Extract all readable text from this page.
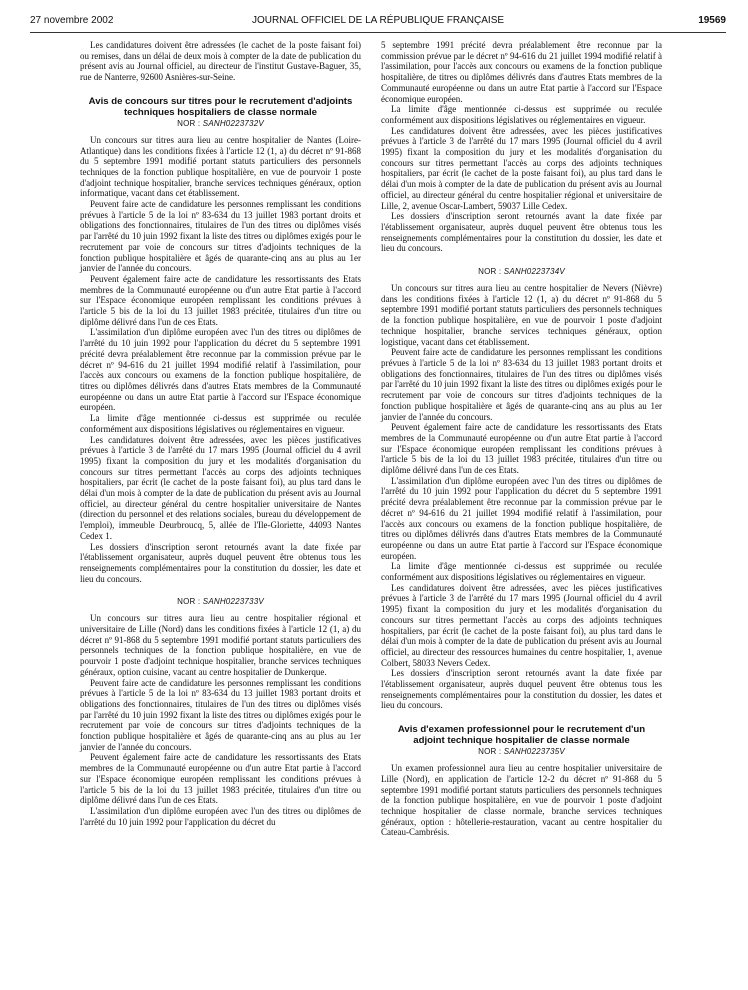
27 novembre 2002	JOURNAL OFFICIEL DE LA RÉPUBLIQUE FRANÇAISE	19569

Les candidatures doivent être adressées (le cachet de la poste faisant foi) ou remises, dans un délai de deux mois à compter de la date de publication du présent avis au Journal officiel, au directeur de l'institut Gustave-Baguer, 35, rue de Nanterre, 92600 Asnières-sur-Seine.

Avis de concours sur titres pour le recrutement d'adjoints techniques hospitaliers de classe normale
NOR : SANH0223732V

Un concours sur titres aura lieu au centre hospitalier de Nantes (Loire-Atlantique) dans les conditions fixées à l'article 12 (1, a) du décret nº 91-868 du 5 septembre 1991 modifié portant statuts particuliers des personnels techniques de la fonction publique hospitalière, en vue de pourvoir 1 poste d'adjoint technique hospitalier, branche services techniques généraux, option informatique, vacant dans cet établissement.

Peuvent faire acte de candidature les personnes remplissant les conditions prévues à l'article 5 de la loi nº 83-634 du 13 juillet 1983 portant droits et obligations des fonctionnaires, titulaires de l'un des titres ou diplômes visés par l'arrêté du 10 juin 1992 fixant la liste des titres ou diplômes exigés pour le recrutement par voie de concours sur titres d'adjoints techniques de la fonction publique hospitalière et âgés de quarante-cinq ans au plus au 1er janvier de l'année du concours.

Peuvent également faire acte de candidature les ressortissants des Etats membres de la Communauté européenne ou d'un autre Etat partie à l'accord sur l'Espace économique européen remplissant les conditions prévues à l'article 5 bis de la loi du 13 juillet 1983 précitée, titulaires d'un titre ou diplôme délivré dans l'un de ces Etats.

L'assimilation d'un diplôme européen avec l'un des titres ou diplômes de l'arrêté du 10 juin 1992 pour l'application du décret du 5 septembre 1991 précité devra préalablement être reconnue par la commission prévue par le décret nº 94-616 du 21 juillet 1994 modifié relatif à l'assimilation, pour l'accès aux concours ou examens de la fonction publique hospitalière, de titres ou diplômes délivrés dans d'autres Etats membres de la Communauté européenne ou dans un autre Etat partie à l'accord sur l'Espace économique européen.

La limite d'âge mentionnée ci-dessus est supprimée ou reculée conformément aux dispositions législatives ou réglementaires en vigueur.

Les candidatures doivent être adressées, avec les pièces justificatives prévues à l'article 3 de l'arrêté du 17 mars 1995 (Journal officiel du 4 avril 1995) fixant la composition du jury et les modalités d'organisation du concours sur titres permettant l'accès au corps des adjoints techniques hospitaliers, par écrit (le cachet de la poste faisant foi), au plus tard dans le délai d'un mois à compter de la date de publication du présent avis au Journal officiel, au directeur général du centre hospitalier universitaire de Nantes (direction du personnel et des relations sociales, bureau du développement de l'emploi), immeuble Deurbroucq, 5, allée de l'Ile-Gloriette, 44093 Nantes Cedex 1.

Les dossiers d'inscription seront retournés avant la date fixée par l'établissement organisateur, auprès duquel peuvent être obtenus tous les renseignements complémentaires pour la constitution du dossier, les date et lieu du concours.

NOR : SANH0223733V

Un concours sur titres aura lieu au centre hospitalier régional et universitaire de Lille (Nord) dans les conditions fixées à l'article 12 (1, a) du décret nº 91-868 du 5 septembre 1991 modifié portant statuts particuliers des personnels techniques de la fonction publique hospitalière, en vue de pourvoir 1 poste d'adjoint technique hospitalier, branche services techniques généraux, option cuisine, vacant au centre hospitalier de Dunkerque.

Peuvent faire acte de candidature les personnes remplissant les conditions prévues à l'article 5 de la loi nº 83-634 du 13 juillet 1983 portant droits et obligations des fonctionnaires, titulaires de l'un des titres ou diplômes visés par l'arrêté du 10 juin 1992 fixant la liste des titres ou diplômes exigés pour le recrutement par voie de concours sur titres d'adjoints techniques de la fonction publique hospitalière et âgés de quarante-cinq ans au plus au 1er janvier de l'année du concours.

Peuvent également faire acte de candidature les ressortissants des Etats membres de la Communauté européenne ou d'un autre Etat partie à l'accord sur l'Espace économique européen remplissant les conditions prévues à l'article 5 bis de la loi du 13 juillet 1983 précitée, titulaires d'un titre ou diplôme délivré dans l'un de ces Etats.

L'assimilation d'un diplôme européen avec l'un des titres ou diplômes de l'arrêté du 10 juin 1992 pour l'application du décret du

5 septembre 1991 précité devra préalablement être reconnue par la commission prévue par le décret nº 94-616 du 21 juillet 1994 modifié relatif à l'assimilation, pour l'accès aux concours ou examens de la fonction publique hospitalière, de titres ou diplômes délivrés dans d'autres Etats membres de la Communauté européenne ou dans un autre Etat partie à l'accord sur l'Espace économique européen.

La limite d'âge mentionnée ci-dessus est supprimée ou reculée conformément aux dispositions législatives ou réglementaires en vigueur.

Les candidatures doivent être adressées, avec les pièces justificatives prévues à l'article 3 de l'arrêté du 17 mars 1995 (Journal officiel du 4 avril 1995) fixant la composition du jury et les modalités d'organisation du concours sur titres permettant l'accès au corps des adjoints techniques hospitaliers, par écrit (le cachet de la poste faisant foi), au plus tard dans le délai d'un mois à compter de la date de publication du présent avis au Journal officiel, au directeur général du centre hospitalier régional et universitaire de Lille, 2, avenue Oscar-Lambert, 59037 Lille Cedex.

Les dossiers d'inscription seront retournés avant la date fixée par l'établissement organisateur, auprès duquel peuvent être obtenus tous les renseignements complémentaires pour la constitution du dossier, les date et lieu du concours.

NOR : SANH0223734V

Un concours sur titres aura lieu au centre hospitalier de Nevers (Nièvre) dans les conditions fixées à l'article 12 (1, a) du décret nº 91-868 du 5 septembre 1991 modifié portant statuts particuliers des personnels techniques de la fonction publique hospitalière, en vue de pourvoir 1 poste d'adjoint technique hospitalier, branche services techniques généraux, option logistique, vacant dans cet établissement.

Peuvent faire acte de candidature les personnes remplissant les conditions prévues à l'article 5 de la loi nº 83-634 du 13 juillet 1983 portant droits et obligations des fonctionnaires, titulaires de l'un des titres ou diplômes visés par l'arrêté du 10 juin 1992 fixant la liste des titres ou diplômes exigés pour le recrutement par voie de concours sur titres d'adjoints techniques de la fonction publique hospitalière et âgés de quarante-cinq ans au plus au 1er janvier de l'année du concours.

Peuvent également faire acte de candidature les ressortissants des Etats membres de la Communauté européenne ou d'un autre Etat partie à l'accord sur l'Espace économique européen remplissant les conditions prévues à l'article 5 bis de la loi du 13 juillet 1983 précitée, titulaires d'un titre ou diplôme délivré dans l'un de ces Etats.

L'assimilation d'un diplôme européen avec l'un des titres ou diplômes de l'arrêté du 10 juin 1992 pour l'application du décret du 5 septembre 1991 précité devra préalablement être reconnue par la commission prévue par le décret nº 94-616 du 21 juillet 1994 modifié relatif à l'assimilation, pour l'accès aux concours ou examens de la fonction publique hospitalière, de titres ou diplômes délivrés dans d'autres Etats membres de la Communauté européenne ou dans un autre Etat partie à l'accord sur l'Espace économique européen.

La limite d'âge mentionnée ci-dessus est supprimée ou reculée conformément aux dispositions législatives ou réglementaires en vigueur.

Les candidatures doivent être adressées, avec les pièces justificatives prévues à l'article 3 de l'arrêté du 17 mars 1995 (Journal officiel du 4 avril 1995) fixant la composition du jury et les modalités d'organisation du concours sur titres permettant l'accès au corps des adjoints techniques hospitaliers, par écrit (le cachet de la poste faisant foi), au plus tard dans le délai d'un mois à compter de la date de publication du présent avis au Journal officiel, au directeur des ressources humaines du centre hospitalier, 1, avenue Colbert, 58033 Nevers Cedex.

Les dossiers d'inscription seront retournés avant la date fixée par l'établissement organisateur, auprès duquel peuvent être obtenus tous les renseignements complémentaires pour la constitution du dossier, les dates et lieu du concours.

Avis d'examen professionnel pour le recrutement d'un adjoint technique hospitalier de classe normale
NOR : SANH0223735V

Un examen professionnel aura lieu au centre hospitalier universitaire de Lille (Nord), en application de l'article 12-2 du décret nº 91-868 du 5 septembre 1991 modifié portant statuts particuliers des personnels techniques de la fonction publique hospitalière, en vue de pourvoir 1 poste d'adjoint technique hospitalier de classe normale, branche services techniques généraux, option : hôtellerie-restauration, vacant au centre hospitalier du Cateau-Cambrésis.
